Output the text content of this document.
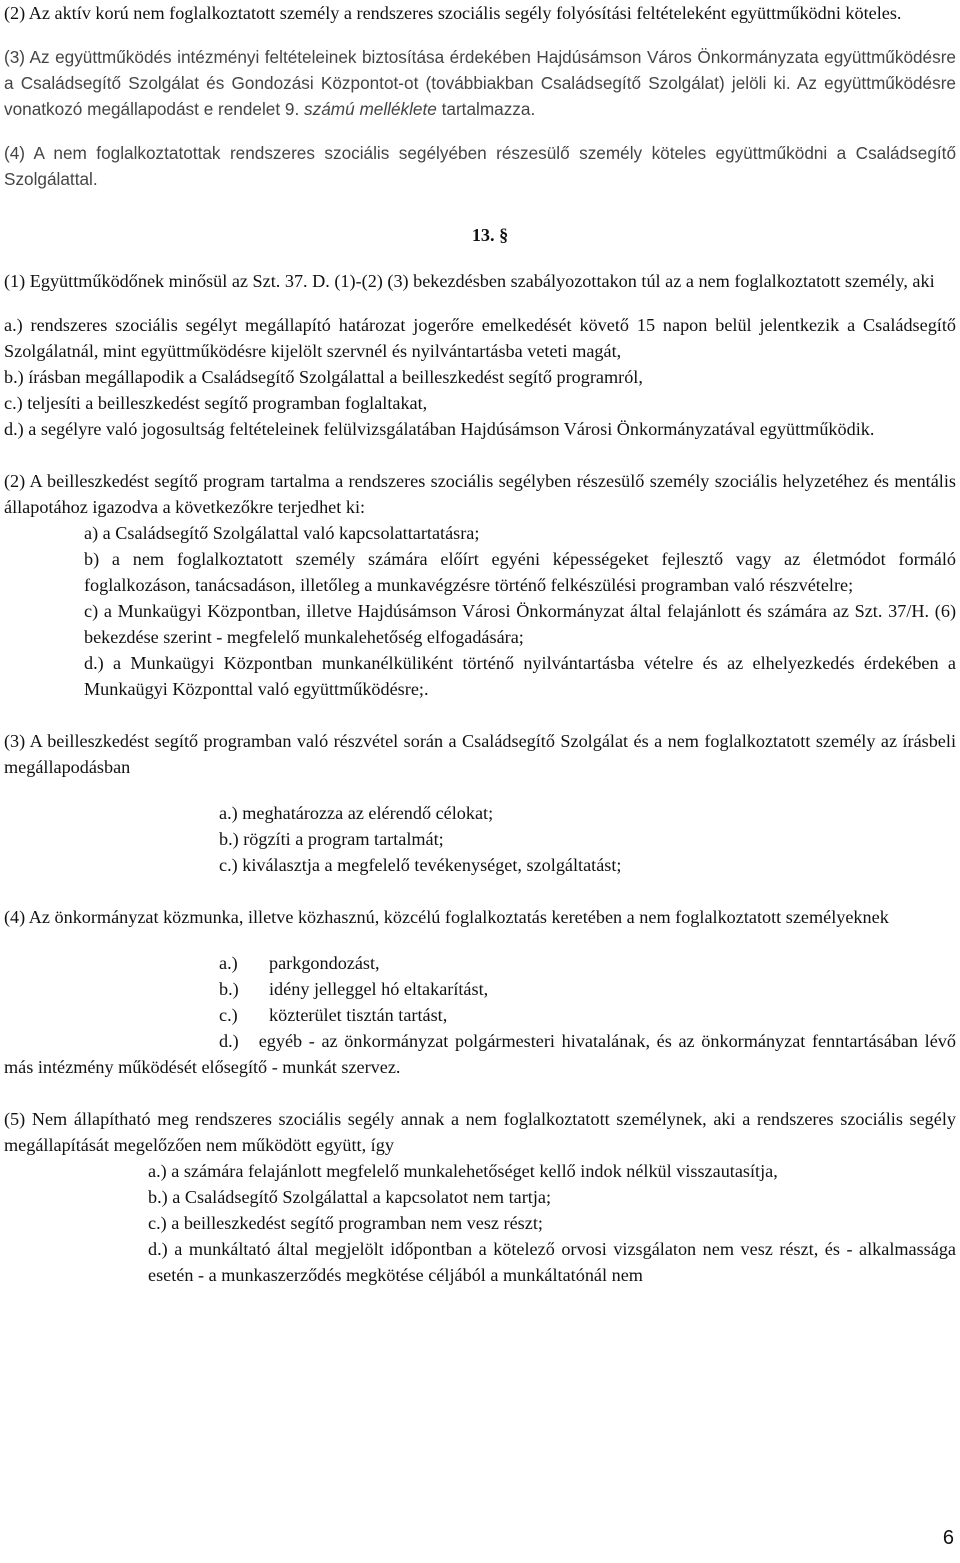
(2) Az aktív korú nem foglalkoztatott személy a rendszeres szociális segély folyósítási feltételeként együttműködni köteles.

(3) Az együttműködés intézményi feltételeinek biztosítása érdekében Hajdúsámson Város Önkormányzata együttműködésre a Családsegítő Szolgálat és Gondozási Központot-ot (továbbiakban Családsegítő Szolgálat) jelöli ki. Az együttműködésre vonatkozó megállapodást e rendelet 9. számú melléklete tartalmazza.

(4) A nem foglalkoztatottak rendszeres szociális segélyében részesülő személy köteles együttműködni a Családsegítő Szolgálattal.

13. §

(1) Együttműködőnek minősül az Szt. 37. D. (1)-(2) (3) bekezdésben szabályozottakon túl az a nem foglalkoztatott személy, aki

a.) rendszeres szociális segélyt megállapító határozat jogerőre emelkedését követő 15 napon belül jelentkezik a Családsegítő Szolgálatnál, mint együttműködésre kijelölt szervnél és nyilvántartásba veteti magát,

b.) írásban megállapodik a Családsegítő Szolgálattal a beilleszkedést segítő programról,

c.) teljesíti a beilleszkedést segítő programban foglaltakat,

d.) a segélyre való jogosultság feltételeinek felülvizsgálatában Hajdúsámson Városi Önkormányzatával együttműködik.

(2) A beilleszkedést segítő program tartalma a rendszeres szociális segélyben részesülő személy szociális helyzetéhez és mentális állapotához igazodva a következőkre terjedhet ki:

a) a Családsegítő Szolgálattal való kapcsolattartatásra;

b) a nem foglalkoztatott személy számára előírt egyéni képességeket fejlesztő vagy az életmódot formáló foglalkozáson, tanácsadáson, illetőleg a munkavégzésre történő felkészülési programban való részvételre;

c) a Munkaügyi Központban, illetve Hajdúsámson Városi Önkormányzat által felajánlott és számára az Szt. 37/H. (6) bekezdése szerint - megfelelő munkalehetőség elfogadására;

d.) a Munkaügyi Központban munkanélküliként történő nyilvántartásba vételre és az elhelyezkedés érdekében a Munkaügyi Központtal való együttműködésre;.

(3) A beilleszkedést segítő programban való részvétel során a Családsegítő Szolgálat és a nem foglalkoztatott személy az írásbeli megállapodásban

a.) meghatározza az elérendő célokat;

b.) rögzíti a program tartalmát;

c.) kiválasztja a megfelelő tevékenységet, szolgáltatást;

(4) Az önkormányzat közmunka, illetve közhasznú, közcélú foglalkoztatás keretében a nem foglalkoztatott személyeknek

a.) parkgondozást,

b.) idény jelleggel hó eltakarítást,

c.) közterület tisztán tartást,

d.) egyéb - az önkormányzat polgármesteri hivatalának, és az önkormányzat fenntartásában lévő más intézmény működését elősegítő - munkát szervez.

(5) Nem állapítható meg rendszeres szociális segély annak a nem foglalkoztatott személynek, aki a rendszeres szociális segély megállapítását megelőzően nem működött együtt, így

a.) a számára felajánlott megfelelő munkalehetőséget kellő indok nélkül visszautasítja,

b.) a Családsegítő Szolgálattal a kapcsolatot nem tartja;

c.) a beilleszkedést segítő programban nem vesz részt;

d.) a munkáltató által megjelölt időpontban a kötelező orvosi vizsgálaton nem vesz részt, és - alkalmassága esetén - a munkaszerződés megkötése céljából a munkáltatónál nem

6
